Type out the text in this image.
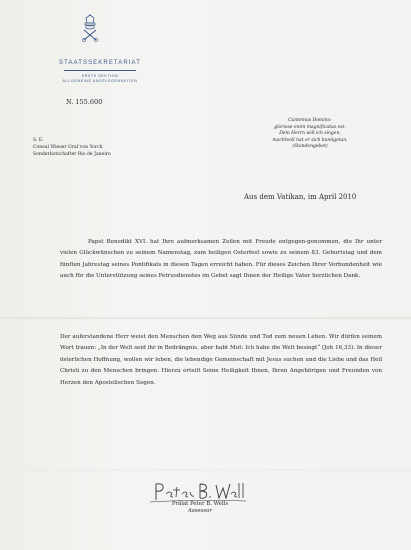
STAATSSEKRETARIAT
ERSTE SEKTION
ALLGEMEINE ANGELEGENHEITEN
N. 155.600
S. E.
Consul Wieser Graf von Yorck
Sonderbotschafter Rio de Janeiro
Cantemus Domino:
gloriose enim magnificatus est.
Dem Herrn will ich singen,
machtvoll hat er sich kundgetan.
(Standengebet)
Aus dem Vatikan, im April 2010
Papst Benedikt XVI. hat Ihre aufmerksamen Zeilen mit Freude entgegen-genommen, die Ihr unter vielen Glückwünschen zu seinem Namenstag, zum heiligen Osterfest sowie zu seinem 83. Geburtstag und dem fünften Jahrestag seines Pontifikats in diesen Tagen erreicht haben. Für dieses Zeichen Ihrer Verbundenheit wie auch für die Unterstützung seines Petrusdienstes im Gebet sagt Ihnen der Heilige Vater herzlichen Dank.
Der auferstandene Herr weist den Menschen den Weg aus Sünde und Tod zum neuen Leben. Wir dürfen seinem Wort trauen: „In der Welt seid ihr in Bedrängnis, aber habt Mut: Ich habe die Welt besiegt“ (Joh 16,33). In dieser österlichen Hoffnung, wollen wir leben, die lebendige Gemeinschaft mit Jesus suchen und die Liebe und das Heil Christi zu den Menschen bringen. Hierzu erteilt Seine Heiligkeit Ihnen, Ihren Angehörigen und Freunden von Herzen den Apostolischen Segen.
Prälat Peter B. Wells
Assessor
